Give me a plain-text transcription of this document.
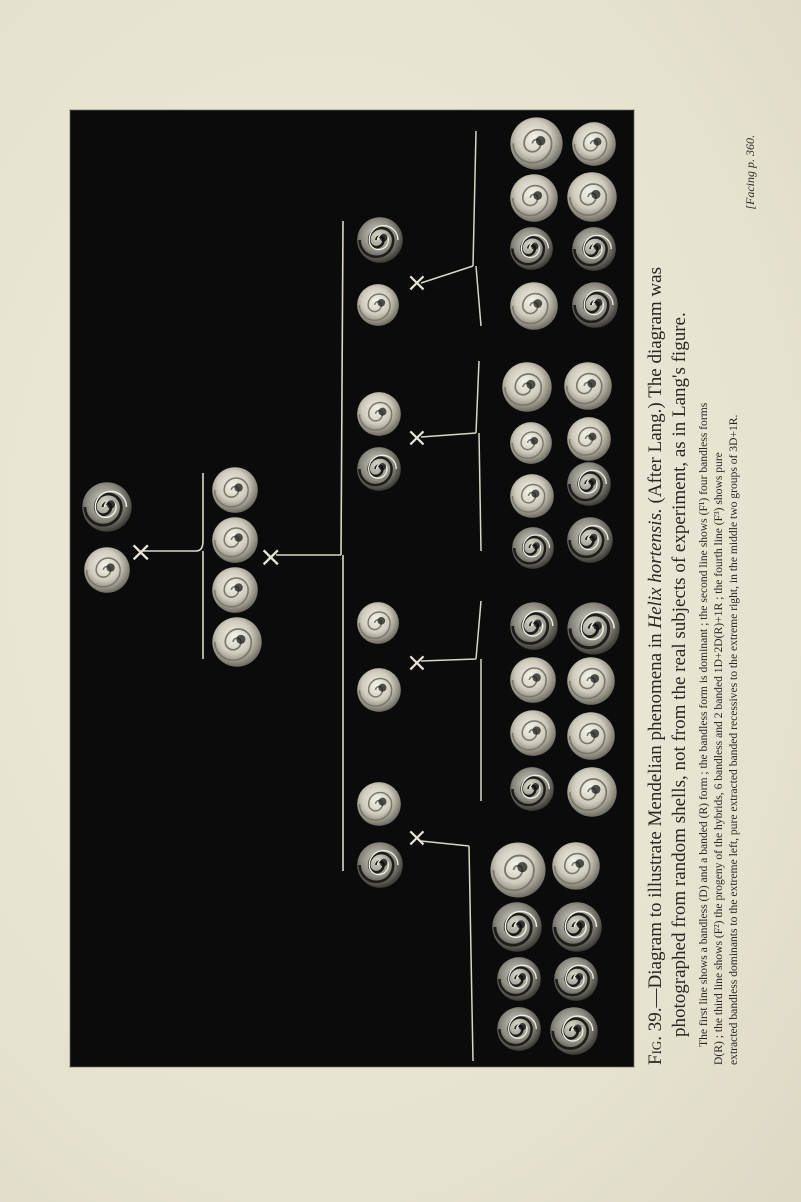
×	×
×
×
×
×

Fig. 39.—Diagram to illustrate Mendelian phenomena in Helix hortensis. (After Lang.) The diagram was photographed from random shells, not from the real subjects of experiment, as in Lang's figure. The first line shows a bandless (D) and a banded (R) form ; the bandless form is dominant ; the second line shows (F¹) four bandless forms D(R) ; the third line shows (F²) the progeny of the hybrids, 6 bandless and 2 banded 1D+2D(R)+1R ; the fourth line (F³) shows pure extracted bandless dominants to the extreme left, pure extracted banded recessives to the extreme right, in the middle two groups of 3D+1R.

[Facing p. 360.
